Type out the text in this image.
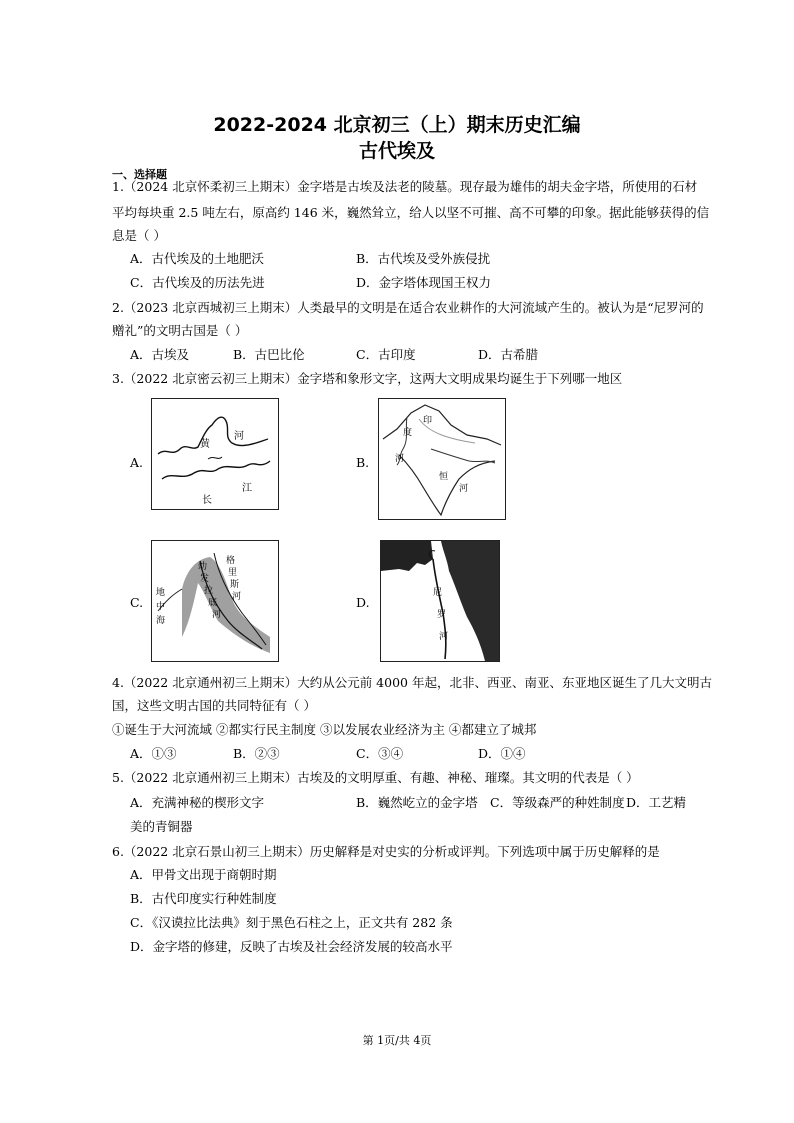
2022-2024 北京初三（上）期末历史汇编
古代埃及
一、选择题
1.（2024 北京怀柔初三上期末）金字塔是古埃及法老的陵墓。现存最为雄伟的胡夫金字塔，所使用的石材
平均每块重 2.5 吨左右，原高约 146 米，巍然耸立，给人以坚不可摧、高不可攀的印象。据此能够获得的信
息是（ ）
A．古代埃及的土地肥沃	B．古代埃及受外族侵扰
C．古代埃及的历法先进	D．金字塔体现国王权力
2.（2023 北京西城初三上期末）人类最早的文明是在适合农业耕作的大河流域产生的。被认为是“尼罗河的
赠礼”的文明古国是（ ）
A．古埃及	B．古巴比伦	C．古印度	D．古希腊
3.（2022 北京密云初三上期末）金字塔和象形文字，这两大文明成果均诞生于下列哪一地区
A.
黄
河
长
江
B.
印
度
河
恒
河
C.
幼
发
拉
底
河
格
里
斯
河
地
中
海
D.
尼
罗
河
4.（2022 北京通州初三上期末）大约从公元前 4000 年起，北非、西亚、南亚、东亚地区诞生了几大文明古
国，这些文明古国的共同特征有（ ）
①诞生于大河流域 ②都实行民主制度 ③以发展农业经济为主 ④都建立了城邦
A．①③	B．②③	C．③④	D．①④
5.（2022 北京通州初三上期末）古埃及的文明厚重、有趣、神秘、璀璨。其文明的代表是（ ）
A．充满神秘的楔形文字	B．巍然屹立的金字塔 C．等级森严的种姓制度 D．工艺精
美的青铜器
6.（2022 北京石景山初三上期末）历史解释是对史实的分析或评判。下列选项中属于历史解释的是
A．甲骨文出现于商朝时期
B．古代印度实行种姓制度
C．《汉谟拉比法典》刻于黑色石柱之上，正文共有 282 条
D．金字塔的修建，反映了古埃及社会经济发展的较高水平
第 1页/共 4页
